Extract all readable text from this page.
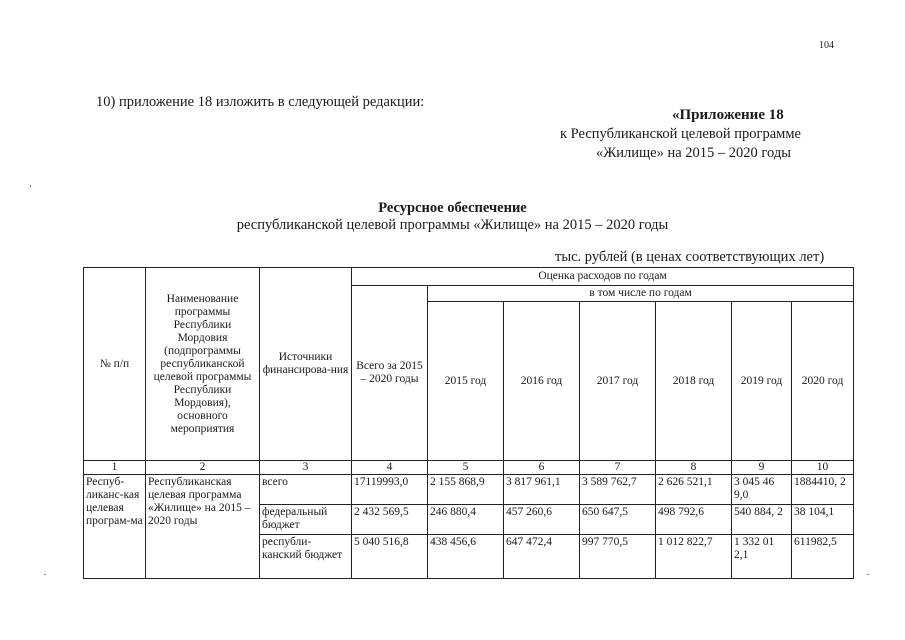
104
10) приложение 18 изложить в следующей редакции:
«Приложение 18
к Республиканской целевой программе
«Жилище» на 2015 – 2020 годы
Ресурсное обеспечение
республиканской целевой программы «Жилище» на 2015 – 2020 годы
тыс. рублей (в ценах соответствующих лет)
№ п/п	Наименование программы Республики Мордовия (подпрограммы республиканской целевой программы Республики Мордовия), основного мероприятия	Источники финансирова-ния	Оценка расходов по годам						
			Всего за 2015 – 2020 годы	в том числе по годам					
				2015 год	2016 год	2017 год	2018 год	2019 год	2020 год
1	2	3	4	5	6	7	8	9	10
Респуб-ликанс-кая целевая програм-ма	Республиканская целевая программа «Жилище» на 2015 – 2020 годы	всего	17119993,0	2 155 868,9	3 817 961,1	3 589 762,7	2 626 521,1	3 045 46 9,0	1884410, 2
		федеральный бюджет	2 432 569,5	246 880,4	457 260,6	650 647,5	498 792,6	540 884, 2	38 104,1
		республи-канский бюджет	5 040 516,8	438 456,6	647 472,4	997 770,5	1 012 822,7	1 332 01 2,1	611982,5
